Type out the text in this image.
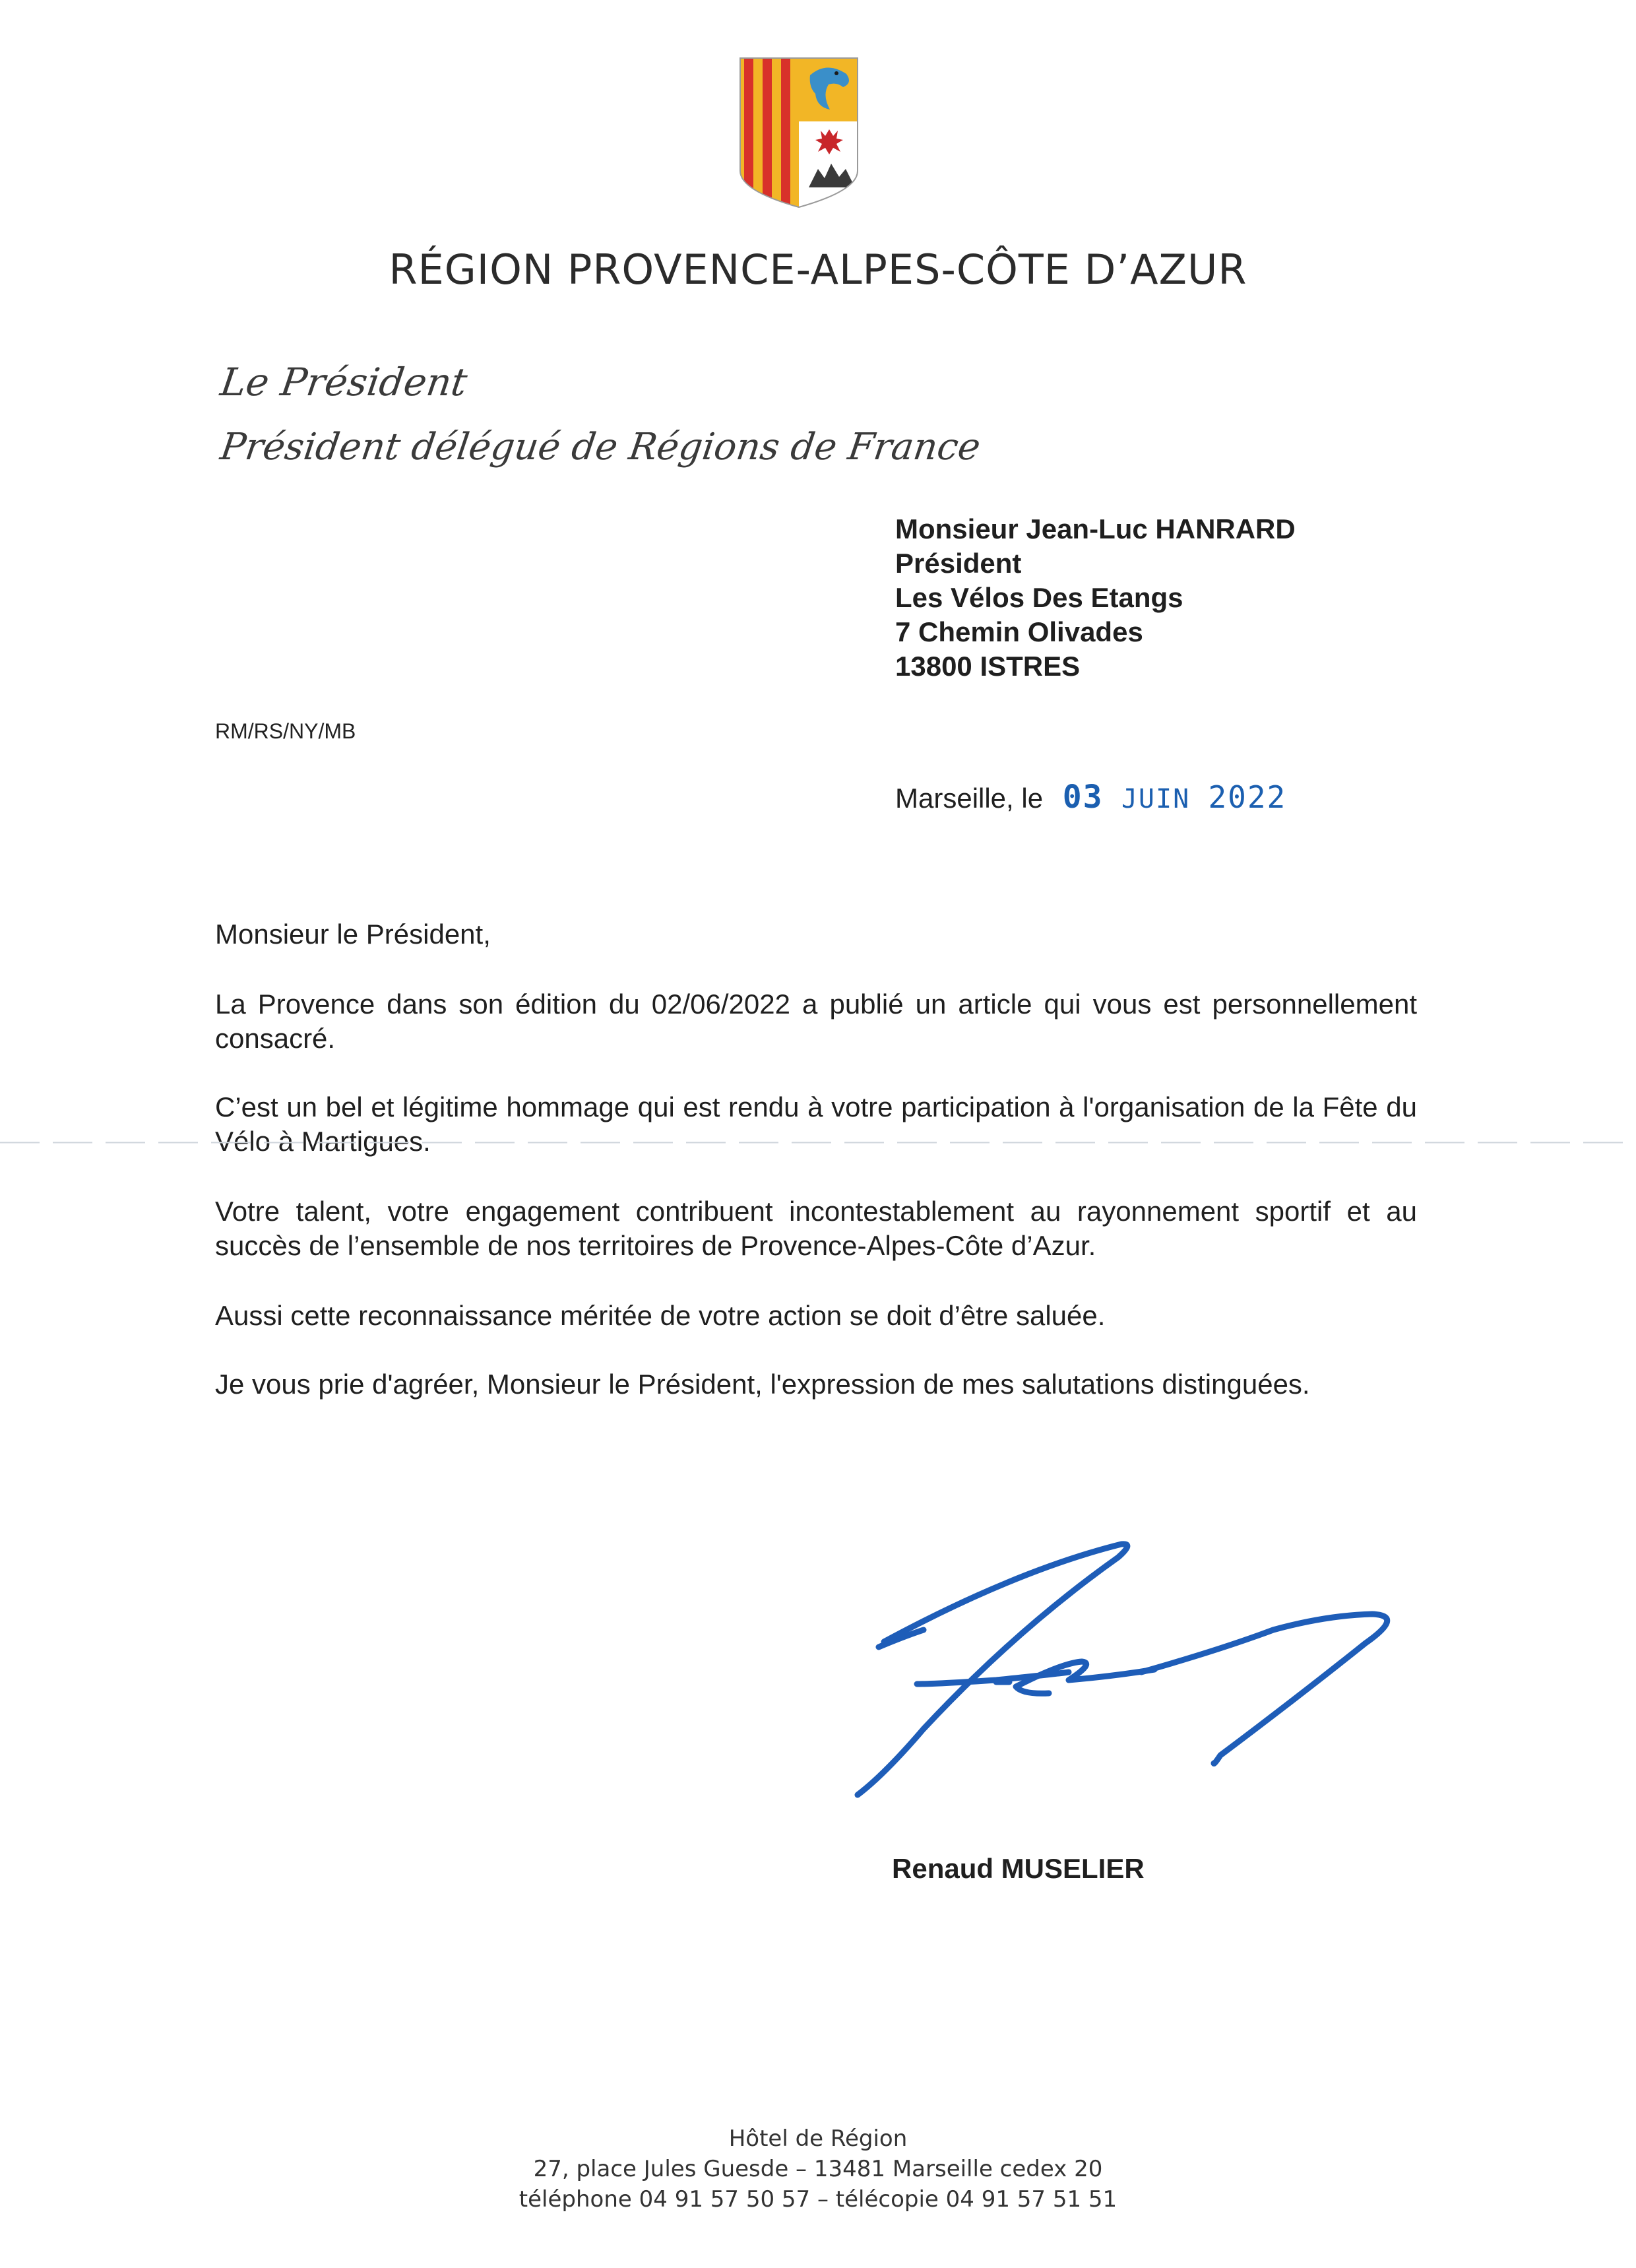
RÉGION PROVENCE-ALPES-CÔTE D’AZUR
Le Président
Président délégué de Régions de France
Monsieur Jean-Luc HANRARD
Président
Les Vélos Des Etangs
7 Chemin Olivades
13800 ISTRES
RM/RS/NY/MB
Marseille, le 03 JUIN 2022
Monsieur le Président,
La Provence dans son édition du 02/06/2022 a publié un article qui vous est personnellement consacré.
C’est un bel et légitime hommage qui est rendu à votre participation à l'organisation de la Fête du Vélo à Martigues.
Votre talent, votre engagement contribuent incontestablement au rayonnement sportif et au succès de l’ensemble de nos territoires de Provence-Alpes-Côte d’Azur.
Aussi cette reconnaissance méritée de votre action se doit d’être saluée.
Je vous prie d'agréer, Monsieur le Président, l'expression de mes salutations distinguées.
Renaud MUSELIER
Hôtel de Région
27, place Jules Guesde – 13481 Marseille cedex 20
téléphone 04 91 57 50 57 – télécopie 04 91 57 51 51
